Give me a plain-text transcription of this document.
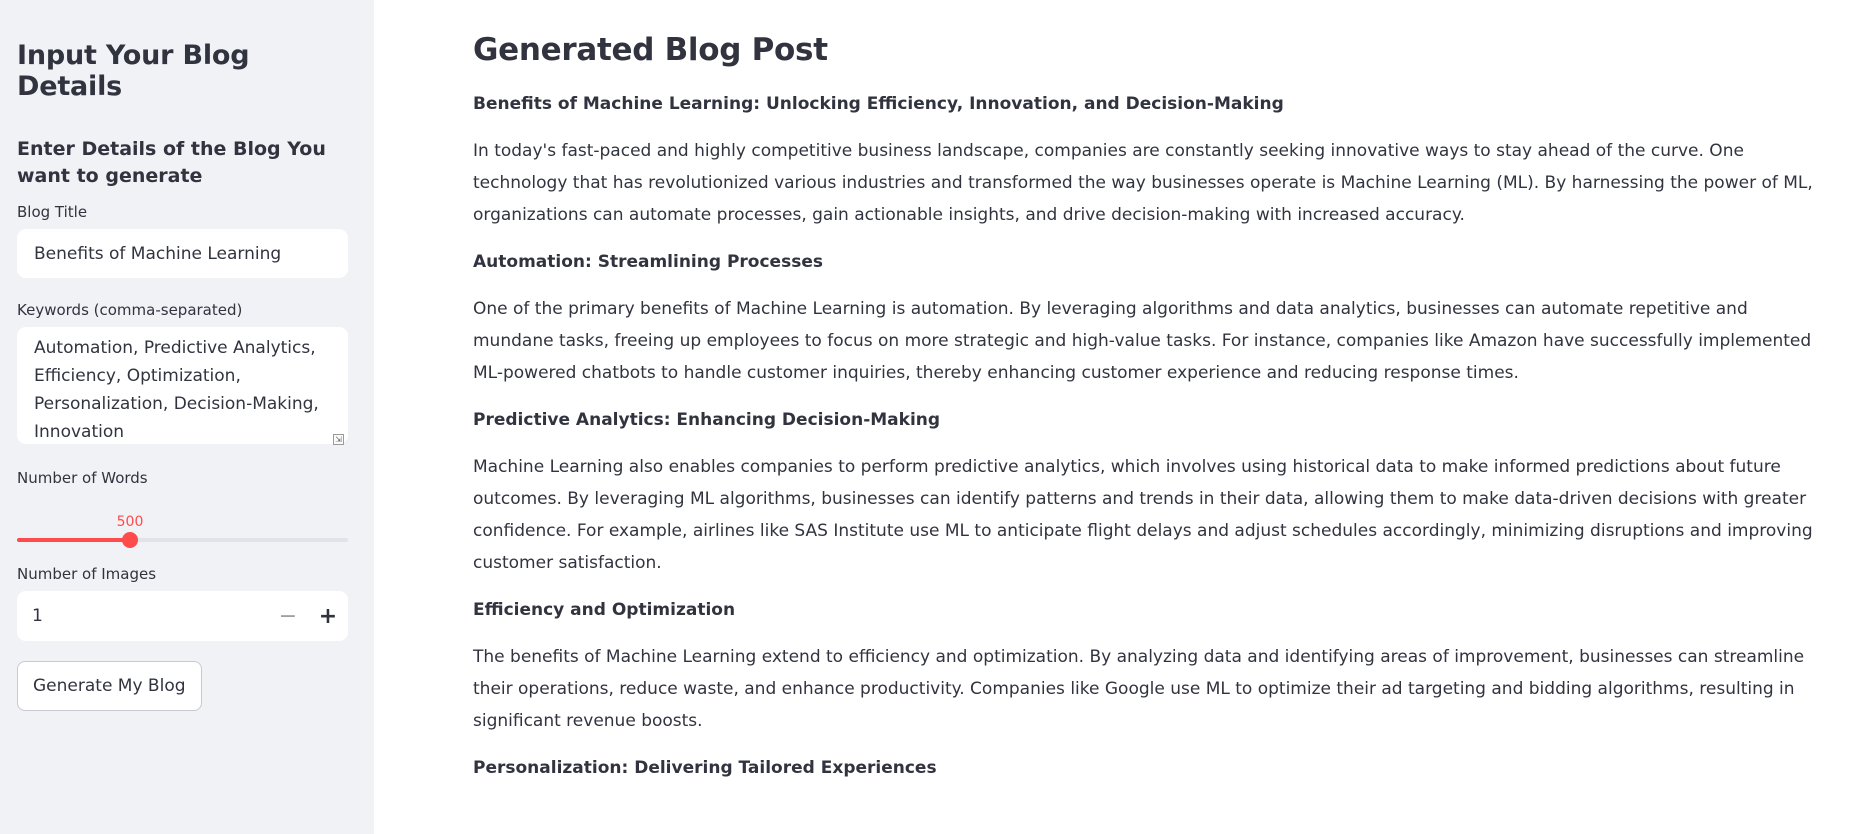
Input Your Blog Details
Enter Details of the Blog You want to generate
Blog Title
Benefits of Machine Learning
Keywords (comma-separated)
Automation, Predictive Analytics, Efficiency, Optimization, Personalization, Decision-Making, Innovation
⇲
Number of Words
500
Number of Images
1	− +
Generate My Blog
Generated Blog Post
Benefits of Machine Learning: Unlocking Efficiency, Innovation, and Decision-Making

In today's fast-paced and highly competitive business landscape, companies are constantly seeking innovative ways to stay ahead of the curve. One technology that has revolutionized various industries and transformed the way businesses operate is Machine Learning (ML). By harnessing the power of ML, organizations can automate processes, gain actionable insights, and drive decision-making with increased accuracy.

Automation: Streamlining Processes

One of the primary benefits of Machine Learning is automation. By leveraging algorithms and data analytics, businesses can automate repetitive and mundane tasks, freeing up employees to focus on more strategic and high-value tasks. For instance, companies like Amazon have successfully implemented ML-powered chatbots to handle customer inquiries, thereby enhancing customer experience and reducing response times.

Predictive Analytics: Enhancing Decision-Making

Machine Learning also enables companies to perform predictive analytics, which involves using historical data to make informed predictions about future outcomes. By leveraging ML algorithms, businesses can identify patterns and trends in their data, allowing them to make data-driven decisions with greater confidence. For example, airlines like SAS Institute use ML to anticipate flight delays and adjust schedules accordingly, minimizing disruptions and improving customer satisfaction.

Efficiency and Optimization

The benefits of Machine Learning extend to efficiency and optimization. By analyzing data and identifying areas of improvement, businesses can streamline their operations, reduce waste, and enhance productivity. Companies like Google use ML to optimize their ad targeting and bidding algorithms, resulting in significant revenue boosts.

Personalization: Delivering Tailored Experiences
